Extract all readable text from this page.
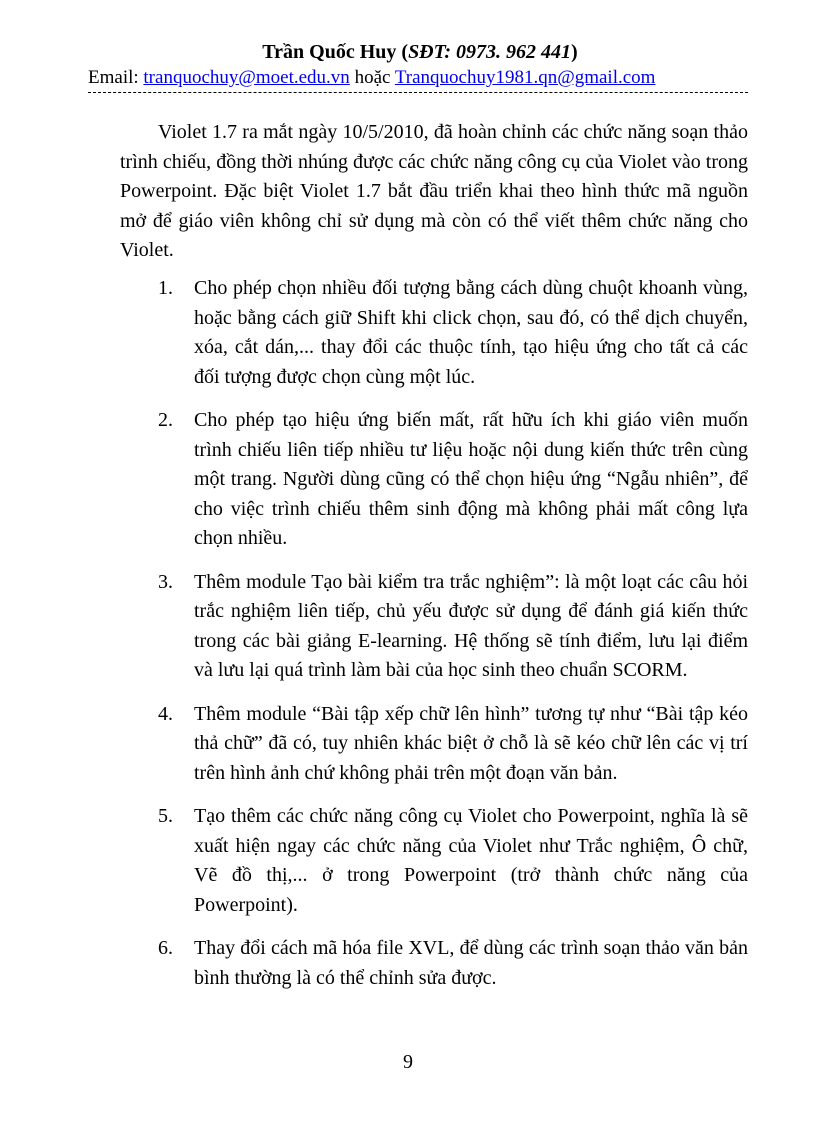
Trần Quốc Huy (SĐT: 0973. 962 441)
Email: tranquochuy@moet.edu.vn hoặc Tranquochuy1981.qn@gmail.com

Violet 1.7 ra mắt ngày 10/5/2010, đã hoàn chỉnh các chức năng soạn thảo trình chiếu, đồng thời nhúng được các chức năng công cụ của Violet vào trong Powerpoint. Đặc biệt Violet 1.7 bắt đầu triển khai theo hình thức mã nguồn mở để giáo viên không chỉ sử dụng mà còn có thể viết thêm chức năng cho Violet.

1. Cho phép chọn nhiều đối tượng bằng cách dùng chuột khoanh vùng, hoặc bằng cách giữ Shift khi click chọn, sau đó, có thể dịch chuyển, xóa, cắt dán,... thay đổi các thuộc tính, tạo hiệu ứng cho tất cả các đối tượng được chọn cùng một lúc.
2. Cho phép tạo hiệu ứng biến mất, rất hữu ích khi giáo viên muốn trình chiếu liên tiếp nhiều tư liệu hoặc nội dung kiến thức trên cùng một trang. Người dùng cũng có thể chọn hiệu ứng “Ngẫu nhiên”, để cho việc trình chiếu thêm sinh động mà không phải mất công lựa chọn nhiều.
3. Thêm module Tạo bài kiểm tra trắc nghiệm”: là một loạt các câu hỏi trắc nghiệm liên tiếp, chủ yếu được sử dụng để đánh giá kiến thức trong các bài giảng E-learning. Hệ thống sẽ tính điểm, lưu lại điểm và lưu lại quá trình làm bài của học sinh theo chuẩn SCORM.
4. Thêm module “Bài tập xếp chữ lên hình” tương tự như “Bài tập kéo thả chữ” đã có, tuy nhiên khác biệt ở chỗ là sẽ kéo chữ lên các vị trí trên hình ảnh chứ không phải trên một đoạn văn bản.
5. Tạo thêm các chức năng công cụ Violet cho Powerpoint, nghĩa là sẽ xuất hiện ngay các chức năng của Violet như Trắc nghiệm, Ô chữ, Vẽ đồ thị,... ở trong Powerpoint (trở thành chức năng của Powerpoint).
6. Thay đổi cách mã hóa file XVL, để dùng các trình soạn thảo văn bản bình thường là có thể chỉnh sửa được.
9
